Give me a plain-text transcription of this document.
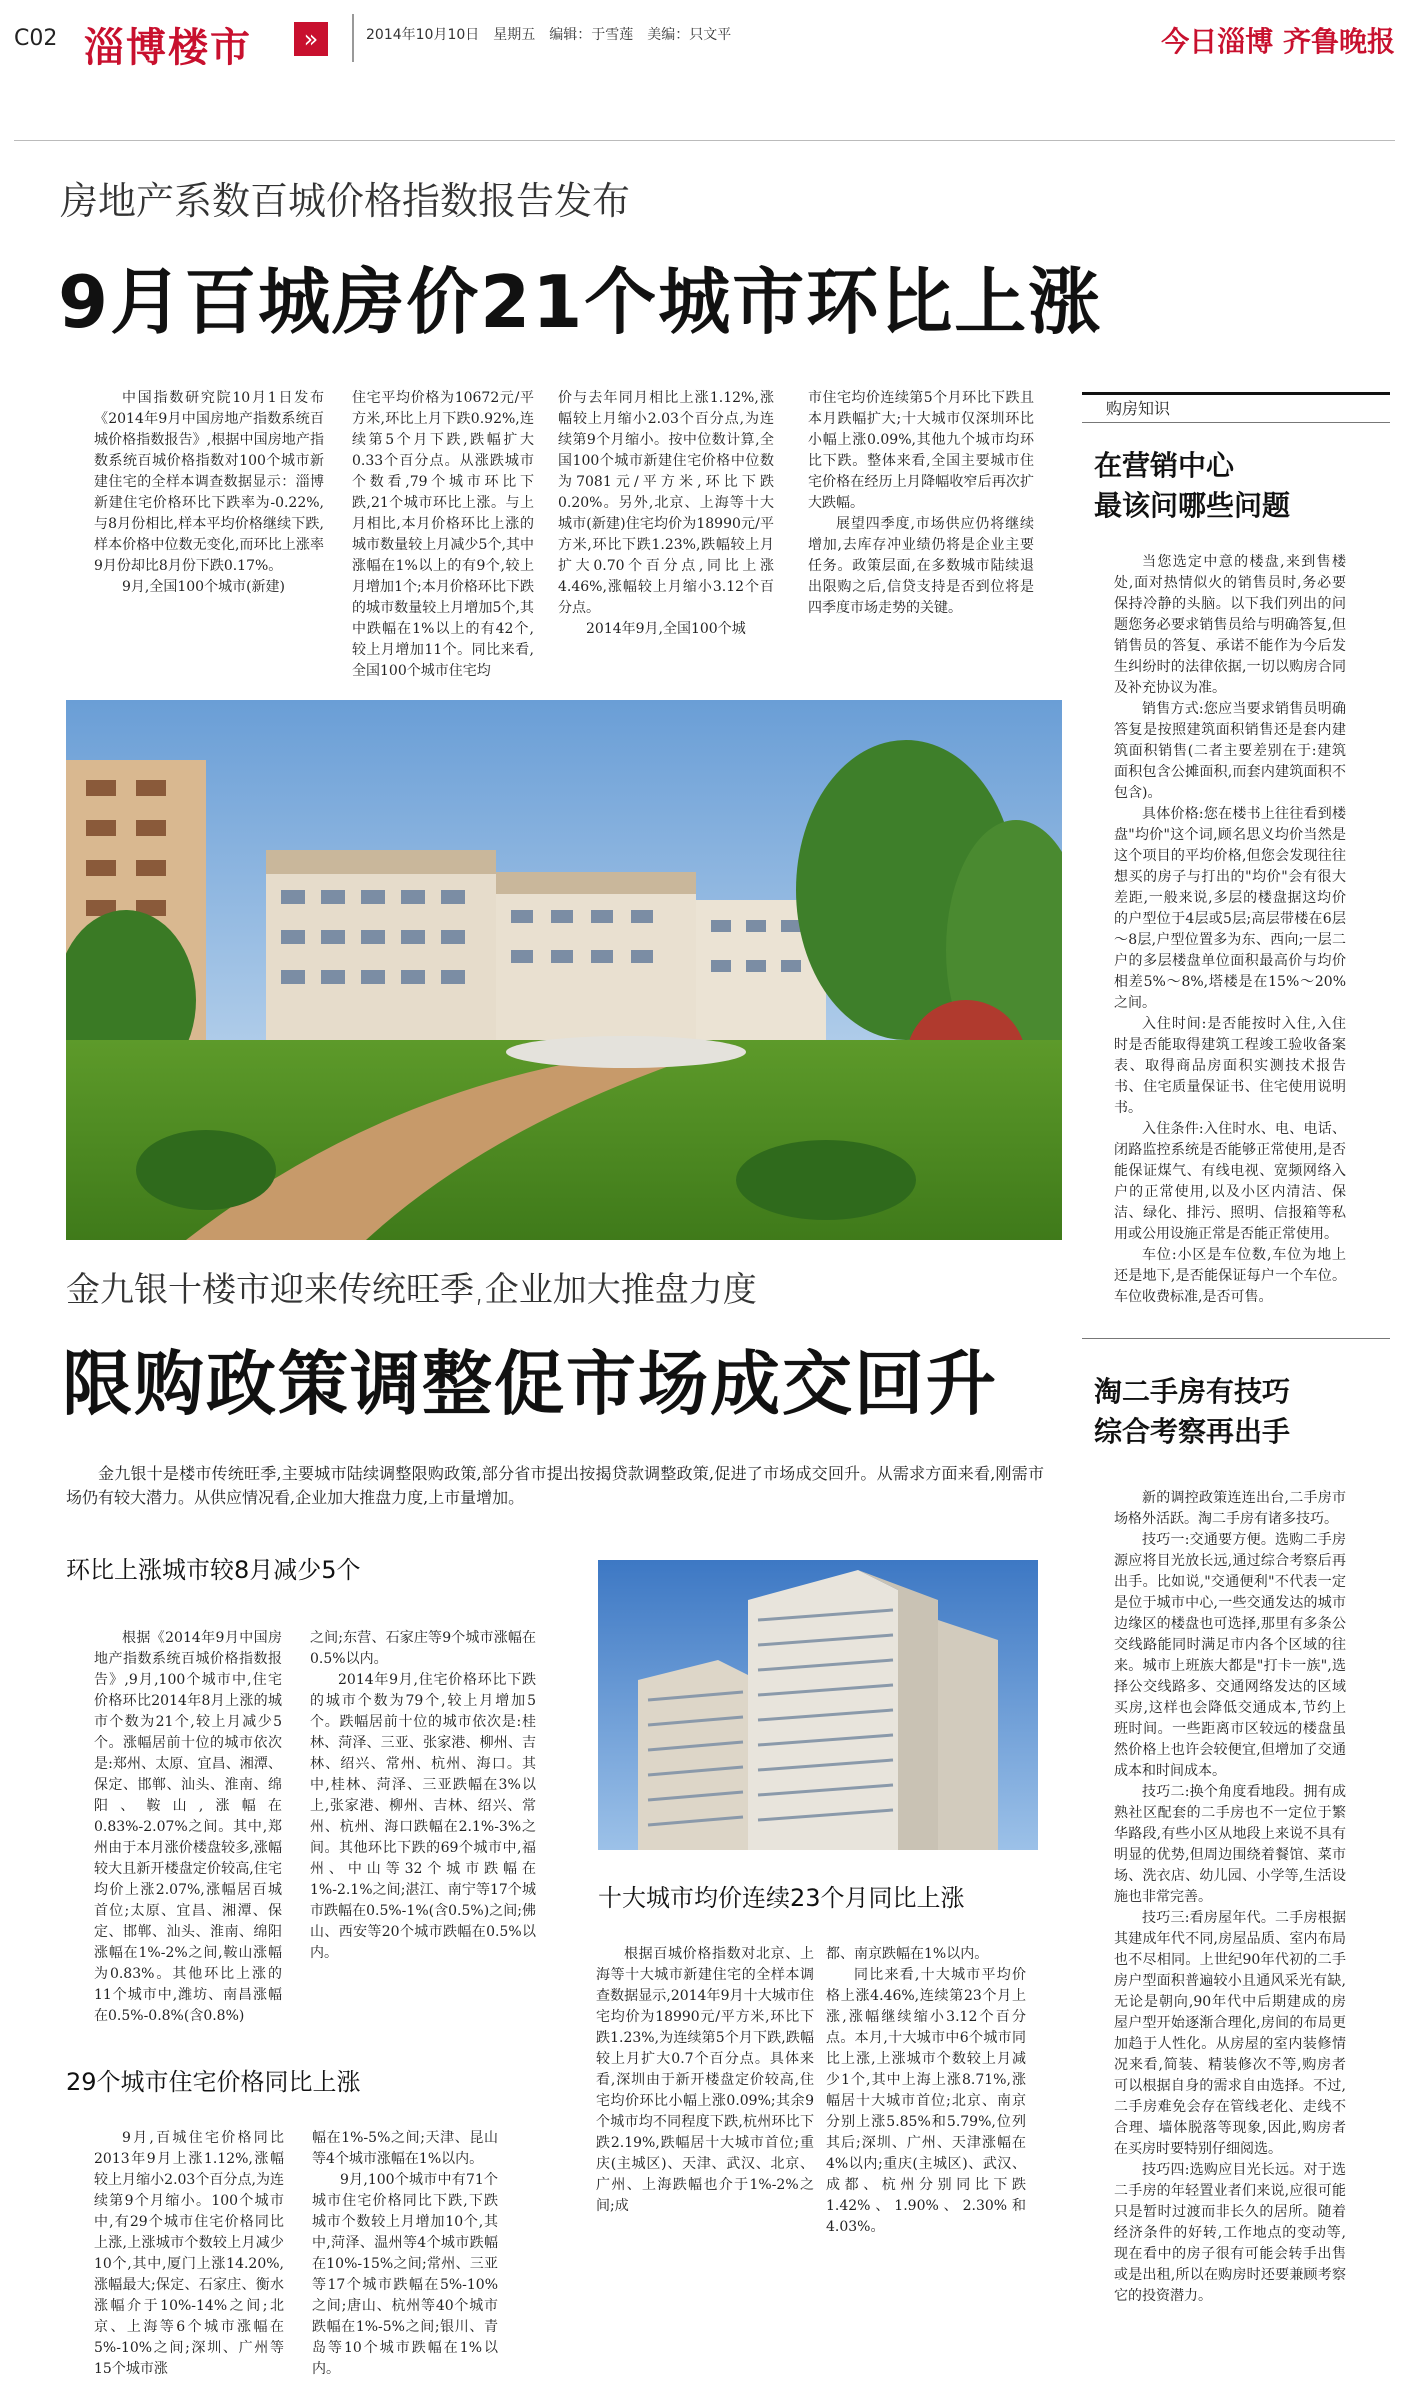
C02 淄博楼市	»	2014年10月10日　星期五　编辑：于雪莲　美编：只文平	今日淄博 齐鲁晚报
房地产系数百城价格指数报告发布
9月百城房价21个城市环比上涨

中国指数研究院10月1日发布《2014年9月中国房地产指数系统百城价格指数报告》,根据中国房地产指数系统百城价格指数对100个城市新建住宅的全样本调查数据显示：淄博新建住宅价格环比下跌率为-0.22%,与8月份相比,样本平均价格继续下跌,样本价格中位数无变化,而环比上涨率9月份却比8月份下跌0.17%。

9月,全国100个城市(新建)

住宅平均价格为10672元/平方米,环比上月下跌0.92%,连续第5个月下跌,跌幅扩大0.33个百分点。从涨跌城市个数看,79个城市环比下跌,21个城市环比上涨。与上月相比,本月价格环比上涨的城市数量较上月减少5个,其中涨幅在1%以上的有9个,较上月增加1个;本月价格环比下跌的城市数量较上月增加5个,其中跌幅在1%以上的有42个,较上月增加11个。同比来看,全国100个城市住宅均

价与去年同月相比上涨1.12%,涨幅较上月缩小2.03个百分点,为连续第9个月缩小。按中位数计算,全国100个城市新建住宅价格中位数为7081元/平方米,环比下跌0.20%。另外,北京、上海等十大城市(新建)住宅均价为18990元/平方米,环比下跌1.23%,跌幅较上月扩大0.70个百分点,同比上涨4.46%,涨幅较上月缩小3.12个百分点。

2014年9月,全国100个城

市住宅均价连续第5个月环比下跌且本月跌幅扩大;十大城市仅深圳环比小幅上涨0.09%,其他九个城市均环比下跌。整体来看,全国主要城市住宅价格在经历上月降幅收窄后再次扩大跌幅。

展望四季度,市场供应仍将继续增加,去库存冲业绩仍将是企业主要任务。政策层面,在多数城市陆续退出限购之后,信贷支持是否到位将是四季度市场走势的关键。

金九银十楼市迎来传统旺季,企业加大推盘力度
限购政策调整促市场成交回升

金九银十是楼市传统旺季,主要城市陆续调整限购政策,部分省市提出按揭贷款调整政策,促进了市场成交回升。从需求方面来看,刚需市场仍有较大潜力。从供应情况看,企业加大推盘力度,上市量增加。

环比上涨城市较8月减少5个

根据《2014年9月中国房地产指数系统百城价格指数报告》,9月,100个城市中,住宅价格环比2014年8月上涨的城市个数为21个,较上月减少5个。涨幅居前十位的城市依次是:郑州、太原、宜昌、湘潭、保定、邯郸、汕头、淮南、绵阳、鞍山,涨幅在0.83%-2.07%之间。其中,郑州由于本月涨价楼盘较多,涨幅较大且新开楼盘定价较高,住宅均价上涨2.07%,涨幅居百城首位;太原、宜昌、湘潭、保定、邯郸、汕头、淮南、绵阳涨幅在1%-2%之间,鞍山涨幅为0.83%。其他环比上涨的11个城市中,潍坊、南昌涨幅在0.5%-0.8%(含0.8%)

之间;东营、石家庄等9个城市涨幅在0.5%以内。

2014年9月,住宅价格环比下跌的城市个数为79个,较上月增加5个。跌幅居前十位的城市依次是:桂林、菏泽、三亚、张家港、柳州、吉林、绍兴、常州、杭州、海口。其中,桂林、菏泽、三亚跌幅在3%以上,张家港、柳州、吉林、绍兴、常州、杭州、海口跌幅在2.1%-3%之间。其他环比下跌的69个城市中,福州、中山等32个城市跌幅在1%-2.1%之间;湛江、南宁等17个城市跌幅在0.5%-1%(含0.5%)之间;佛山、西安等20个城市跌幅在0.5%以内。

十大城市均价连续23个月同比上涨

根据百城价格指数对北京、上海等十大城市新建住宅的全样本调查数据显示,2014年9月十大城市住宅均价为18990元/平方米,环比下跌1.23%,为连续第5个月下跌,跌幅较上月扩大0.7个百分点。具体来看,深圳由于新开楼盘定价较高,住宅均价环比小幅上涨0.09%;其余9个城市均不同程度下跌,杭州环比下跌2.19%,跌幅居十大城市首位;重庆(主城区)、天津、武汉、北京、广州、上海跌幅也介于1%-2%之间;成

都、南京跌幅在1%以内。

同比来看,十大城市平均价格上涨4.46%,连续第23个月上涨,涨幅继续缩小3.12个百分点。本月,十大城市中6个城市同比上涨,上涨城市个数较上月减少1个,其中上海上涨8.71%,涨幅居十大城市首位;北京、南京分别上涨5.85%和5.79%,位列其后;深圳、广州、天津涨幅在4%以内;重庆(主城区)、武汉、成都、杭州分别同比下跌1.42%、1.90%、2.30%和4.03%。

29个城市住宅价格同比上涨

9月,百城住宅价格同比2013年9月上涨1.12%,涨幅较上月缩小2.03个百分点,为连续第9个月缩小。100个城市中,有29个城市住宅价格同比上涨,上涨城市个数较上月减少10个,其中,厦门上涨14.20%,涨幅最大;保定、石家庄、衡水涨幅介于10%-14%之间;北京、上海等6个城市涨幅在5%-10%之间;深圳、广州等15个城市涨

幅在1%-5%之间;天津、昆山等4个城市涨幅在1%以内。

9月,100个城市中有71个城市住宅价格同比下跌,下跌城市个数较上月增加10个,其中,菏泽、温州等4个城市跌幅在10%-15%之间;常州、三亚等17个城市跌幅在5%-10%之间;唐山、杭州等40个城市跌幅在1%-5%之间;银川、青岛等10个城市跌幅在1%以内。

购房知识
在营销中心
最该问哪些问题

当您选定中意的楼盘,来到售楼处,面对热情似火的销售员时,务必要保持冷静的头脑。以下我们列出的问题您务必要求销售员给与明确答复,但销售员的答复、承诺不能作为今后发生纠纷时的法律依据,一切以购房合同及补充协议为准。

销售方式:您应当要求销售员明确答复是按照建筑面积销售还是套内建筑面积销售(二者主要差别在于:建筑面积包含公摊面积,而套内建筑面积不包含)。

具体价格:您在楼书上往往看到楼盘"均价"这个词,顾名思义均价当然是这个项目的平均价格,但您会发现往往想买的房子与打出的"均价"会有很大差距,一般来说,多层的楼盘据这均价的户型位于4层或5层;高层带楼在6层～8层,户型位置多为东、西向;一层二户的多层楼盘单位面积最高价与均价相差5%～8%,塔楼是在15%～20%之间。

入住时间:是否能按时入住,入住时是否能取得建筑工程竣工验收备案表、取得商品房面积实测技术报告书、住宅质量保证书、住宅使用说明书。

入住条件:入住时水、电、电话、闭路监控系统是否能够正常使用,是否能保证煤气、有线电视、宽频网络入户的正常使用,以及小区内清洁、保洁、绿化、排污、照明、信报箱等私用或公用设施正常是否能正常使用。

车位:小区是车位数,车位为地上还是地下,是否能保证每户一个车位。车位收费标准,是否可售。

淘二手房有技巧
综合考察再出手

新的调控政策连连出台,二手房市场格外活跃。淘二手房有诸多技巧。

技巧一:交通要方便。选购二手房源应将目光放长远,通过综合考察后再出手。比如说,"交通便利"不代表一定是位于城市中心,一些交通发达的城市边缘区的楼盘也可选择,那里有多条公交线路能同时满足市内各个区域的往来。城市上班族大都是"打卡一族",选择公交线路多、交通网络发达的区域买房,这样也会降低交通成本,节约上班时间。一些距离市区较远的楼盘虽然价格上也许会较便宜,但增加了交通成本和时间成本。

技巧二:换个角度看地段。拥有成熟社区配套的二手房也不一定位于繁华路段,有些小区从地段上来说不具有明显的优势,但周边围绕着餐馆、菜市场、洗衣店、幼儿园、小学等,生活设施也非常完善。

技巧三:看房屋年代。二手房根据其建成年代不同,房屋品质、室内布局也不尽相同。上世纪90年代初的二手房户型面积普遍较小且通风采光有缺,无论是朝向,90年代中后期建成的房屋户型开始逐渐合理化,房间的布局更加趋于人性化。从房屋的室内装修情况来看,简装、精装修次不等,购房者可以根据自身的需求自由选择。不过,二手房难免会存在管线老化、走线不合理、墙体脱落等现象,因此,购房者在买房时要特别仔细阅选。

技巧四:选购应目光长远。对于选二手房的年轻置业者们来说,应很可能只是暂时过渡而非长久的居所。随着经济条件的好转,工作地点的变动等,现在看中的房子很有可能会转手出售或是出租,所以在购房时还要兼顾考察它的投资潜力。
